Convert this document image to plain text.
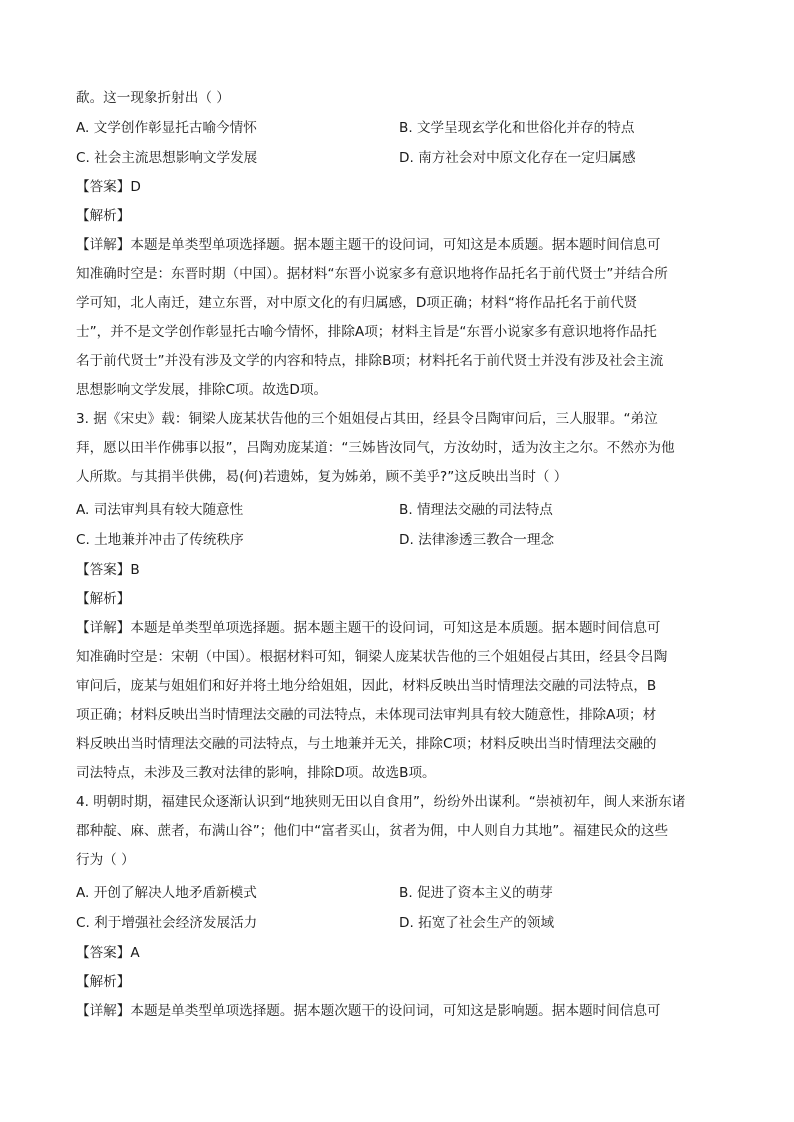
歃。这一现象折射出（ ）
A. 文学创作彰显托古喻今情怀	B. 文学呈现玄学化和世俗化并存的特点
C. 社会主流思想影响文学发展	D. 南方社会对中原文化存在一定归属感
【答案】D
【解析】
【详解】本题是单类型单项选择题。据本题主题干的设问词，可知这是本质题。据本题时间信息可
知准确时空是：东晋时期（中国）。据材料“东晋小说家多有意识地将作品托名于前代贤士”并结合所
学可知，北人南迁，建立东晋，对中原文化的有归属感，D项正确；材料“将作品托名于前代贤
士”，并不是文学创作彰显托古喻今情怀，排除A项；材料主旨是“东晋小说家多有意识地将作品托
名于前代贤士”并没有涉及文学的内容和特点，排除B项；材料托名于前代贤士并没有涉及社会主流
思想影响文学发展，排除C项。故选D项。
3. 据《宋史》载：铜梁人庞某状告他的三个姐姐侵占其田，经县令吕陶审问后，三人服罪。“弟泣
拜，愿以田半作佛事以报”，吕陶劝庞某道：“三姊皆汝同气，方汝幼时，适为汝主之尔。不然亦为他
人所欺。与其捐半供佛，曷(何)若遗姊，复为姊弟，顾不美乎?”这反映出当时（ ）
A. 司法审判具有较大随意性	B. 情理法交融的司法特点
C. 土地兼并冲击了传统秩序	D. 法律渗透三教合一理念
【答案】B
【解析】
【详解】本题是单类型单项选择题。据本题主题干的设问词，可知这是本质题。据本题时间信息可
知准确时空是：宋朝（中国）。根据材料可知，铜梁人庞某状告他的三个姐姐侵占其田，经县令吕陶
审问后，庞某与姐姐们和好并将土地分给姐姐，因此，材料反映出当时情理法交融的司法特点，B
项正确；材料反映出当时情理法交融的司法特点，未体现司法审判具有较大随意性，排除A项；材
料反映出当时情理法交融的司法特点，与土地兼并无关，排除C项；材料反映出当时情理法交融的
司法特点，未涉及三教对法律的影响，排除D项。故选B项。
4. 明朝时期，福建民众逐渐认识到“地狭则无田以自食用”，纷纷外出谋利。“崇祯初年，闽人来浙东诸
郡种靛、麻、蔗者，布满山谷”；他们中“富者买山，贫者为佣，中人则自力其地”。福建民众的这些
行为（ ）
A. 开创了解决人地矛盾新模式	B. 促进了资本主义的萌芽
C. 利于增强社会经济发展活力	D. 拓宽了社会生产的领域
【答案】A
【解析】
【详解】本题是单类型单项选择题。据本题次题干的设问词，可知这是影响题。据本题时间信息可
